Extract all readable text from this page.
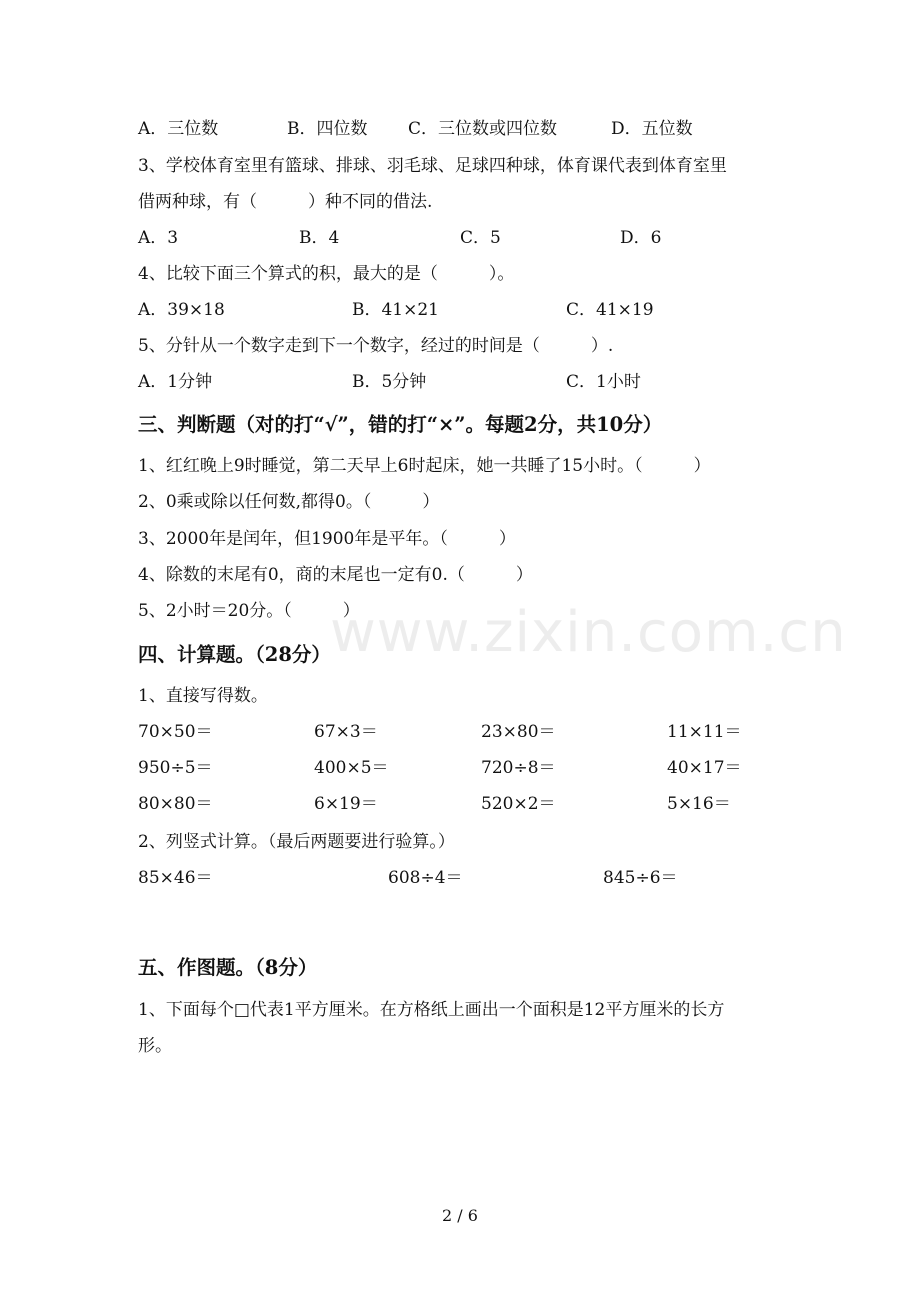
www.zixin.com.cn
A．三位数	B．四位数 C．三位数或四位数	D．五位数
3、学校体育室里有篮球、排球、羽毛球、足球四种球，体育课代表到体育室里
借两种球，有（　　　）种不同的借法.
A．3	B．4	C．5	D．6
4、比较下面三个算式的积，最大的是（　　　）。
A．39×18	B．41×21	C．41×19
5、分针从一个数字走到下一个数字，经过的时间是（　　　）.
A．1分钟	B．5分钟	C．1小时
三、判断题（对的打“√”，错的打“×”。每题2分，共10分）
1、红红晚上9时睡觉，第二天早上6时起床，她一共睡了15小时。（　　　）
2、0乘或除以任何数,都得0。（　　　）
3、2000年是闰年，但1900年是平年。（　　　）
4、除数的末尾有0，商的末尾也一定有0.（　　　）
5、2小时＝20分。（　　　）
四、计算题。（28分）
1、直接写得数。
70×50＝	67×3＝	23×80＝	11×11＝
950÷5＝	400×5＝	720÷8＝	40×17＝
80×80＝	6×19＝	520×2＝	5×16＝
2、列竖式计算。（最后两题要进行验算。）
85×46＝	608÷4＝	845÷6＝
五、作图题。（8分）
1、下面每个□代表1平方厘米。在方格纸上画出一个面积是12平方厘米的长方
形。
2 / 6
